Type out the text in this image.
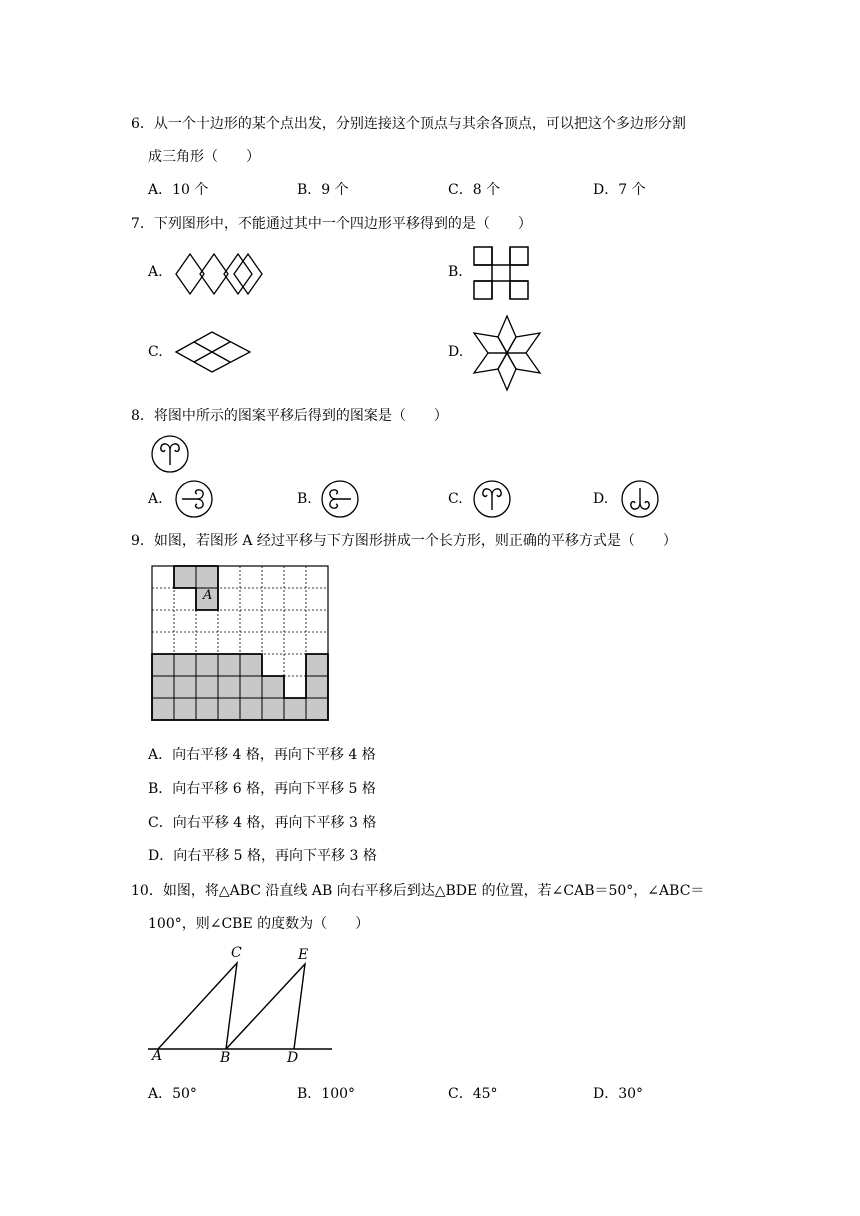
6．从一个十边形的某个点出发，分别连接这个顶点与其余各顶点，可以把这个多边形分割
成三角形（　　）
A．10 个	B．9 个	C．8 个	D．7 个
7．下列图形中，不能通过其中一个四边形平移得到的是（　　）
A.	B.
C.	D.
8．将图中所示的图案平移后得到的图案是（　　）
A.	B.	C.	D.
9．如图，若图形 A 经过平移与下方图形拼成一个长方形，则正确的平移方式是（　　）
A
A．向右平移 4 格，再向下平移 4 格
B．向右平移 6 格，再向下平移 5 格
C．向右平移 4 格，再向下平移 3 格
D．向右平移 5 格，再向下平移 3 格
10．如图，将△ABC 沿直线 AB 向右平移后到达△BDE 的位置，若∠CAB＝50°，∠ABC＝
100°，则∠CBE 的度数为（　　）
A	B
C
D
E
A．50°	B．100°	C．45°	D．30°
